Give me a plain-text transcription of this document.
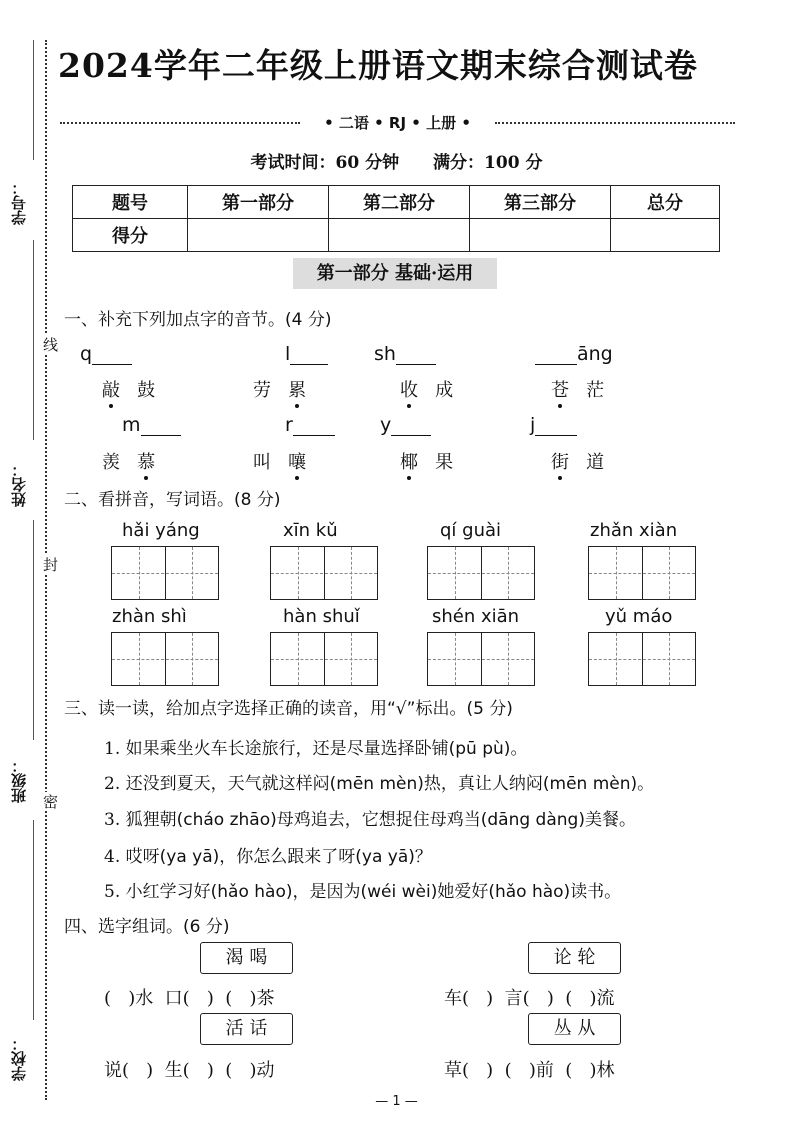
学号：
姓名：
班级：
学校：
线
封
密
2024学年二年级上册语文期末综合测试卷
• 二语 • RJ • 上册 •
考试时间：60 分钟 满分：100 分
题号	第一部分	第二部分	第三部分	总分
得分				
第一部分 基础·运用
一、补充下列加点字的音节。(4 分)
q	l	sh	āng
敲 鼓	劳 累	收 成	苍 茫
m	r	y	j
羡 慕	叫 嚷	椰 果	街 道
二、看拼音，写词语。(8 分)
hǎi yáng	xīn kǔ	qí guài	zhǎn xiàn
zhàn shì	hàn shuǐ	shén xiān	yǔ máo
三、读一读，给加点字选择正确的读音，用“√”标出。(5 分)
1. 如果乘坐火车长途旅行，还是尽量选择卧铺(pū pù)。
2. 还没到夏天，天气就这样闷(mēn mèn)热，真让人纳闷(mēn mèn)。
3. 狐狸朝(cháo zhāo)母鸡追去，它想捉住母鸡当(dāng dàng)美餐。
4. 哎呀(ya yā)，你怎么跟来了呀(ya yā)？
5. 小红学习好(hǎo hào)，是因为(wéi wèi)她爱好(hǎo hào)读书。
四、选字组词。(6 分)
渴 喝	论 轮
(   )水  口(   )  (   )茶	车(   )  言(   )  (   )流
活 话	丛 从
说(   )  生(   )  (   )动	草(   )  (   )前  (   )林
— 1 —
